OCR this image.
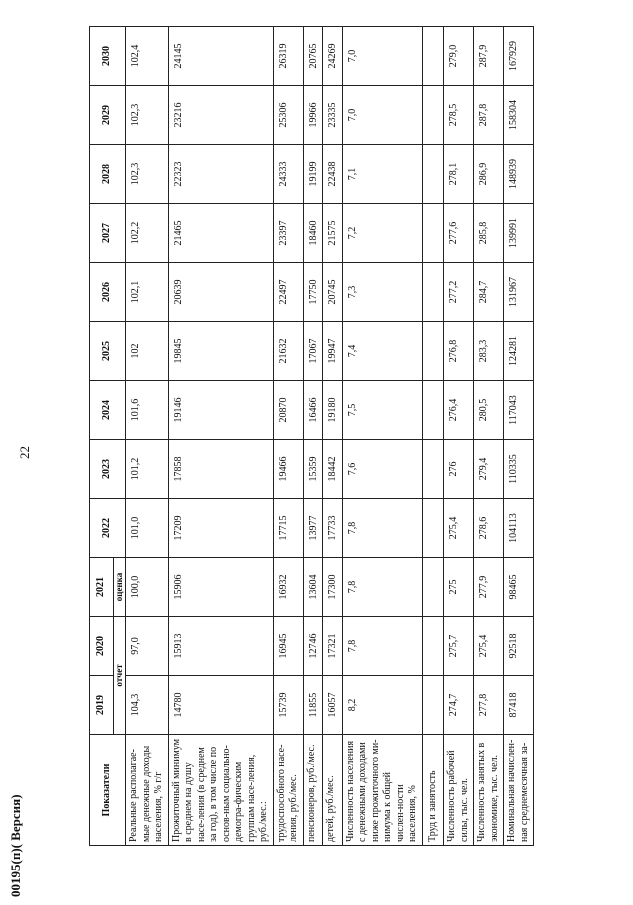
22
00195(п)( Версия)
Показатели	2019	2020	2021	2022	2023	2024	2025	2026	2027	2028	2029	2030
	отчет		оценка									
Реальные располагае-мые денежные доходы населения, % г/г	104,3	97,0	100,0	101,0	101,2	101,6	102	102,1	102,2	102,3	102,3	102,4
Прожиточный минимум в среднем на душу насе-ления (в среднем за год), в том числе по основ-ным социально-демогра-фическим группам насе-ления, руб./мес.:	14780	15913	15906	17209	17858	19146	19845	20639	21465	22323	23216	24145
трудоспособного насе-ления, руб./мес.	15739	16945	16932	17715	19466	20870	21632	22497	23397	24333	25306	26319
пенсионеров, руб./мес.	11855	12746	13604	13977	15359	16466	17067	17750	18460	19199	19966	20765
детей, руб./мес.	16057	17321	17300	17733	18442	19180	19947	20745	21575	22438	23335	24269
Численность населения с денежными доходами ниже прожиточного ми-нимума к общей числен-ности населения, %	8,2	7,8	7,8	7,8	7,6	7,5	7,4	7,3	7,2	7,1	7,0	7,0
Труд и занятость												
Численность рабочей силы, тыс. чел.	274,7	275,7	275	275,4	276	276,4	276,8	277,2	277,6	278,1	278,5	279,0
Численность занятых в экономике, тыс. чел.	277,8	275,4	277,9	278,6	279,4	280,5	283,3	284,7	285,8	286,9	287,8	287,9
Номинальная начислен-ная среднемесячная за-	87418	92518	98465	104113	110335	117043	124281	131967	139991	148939	158304	167929
